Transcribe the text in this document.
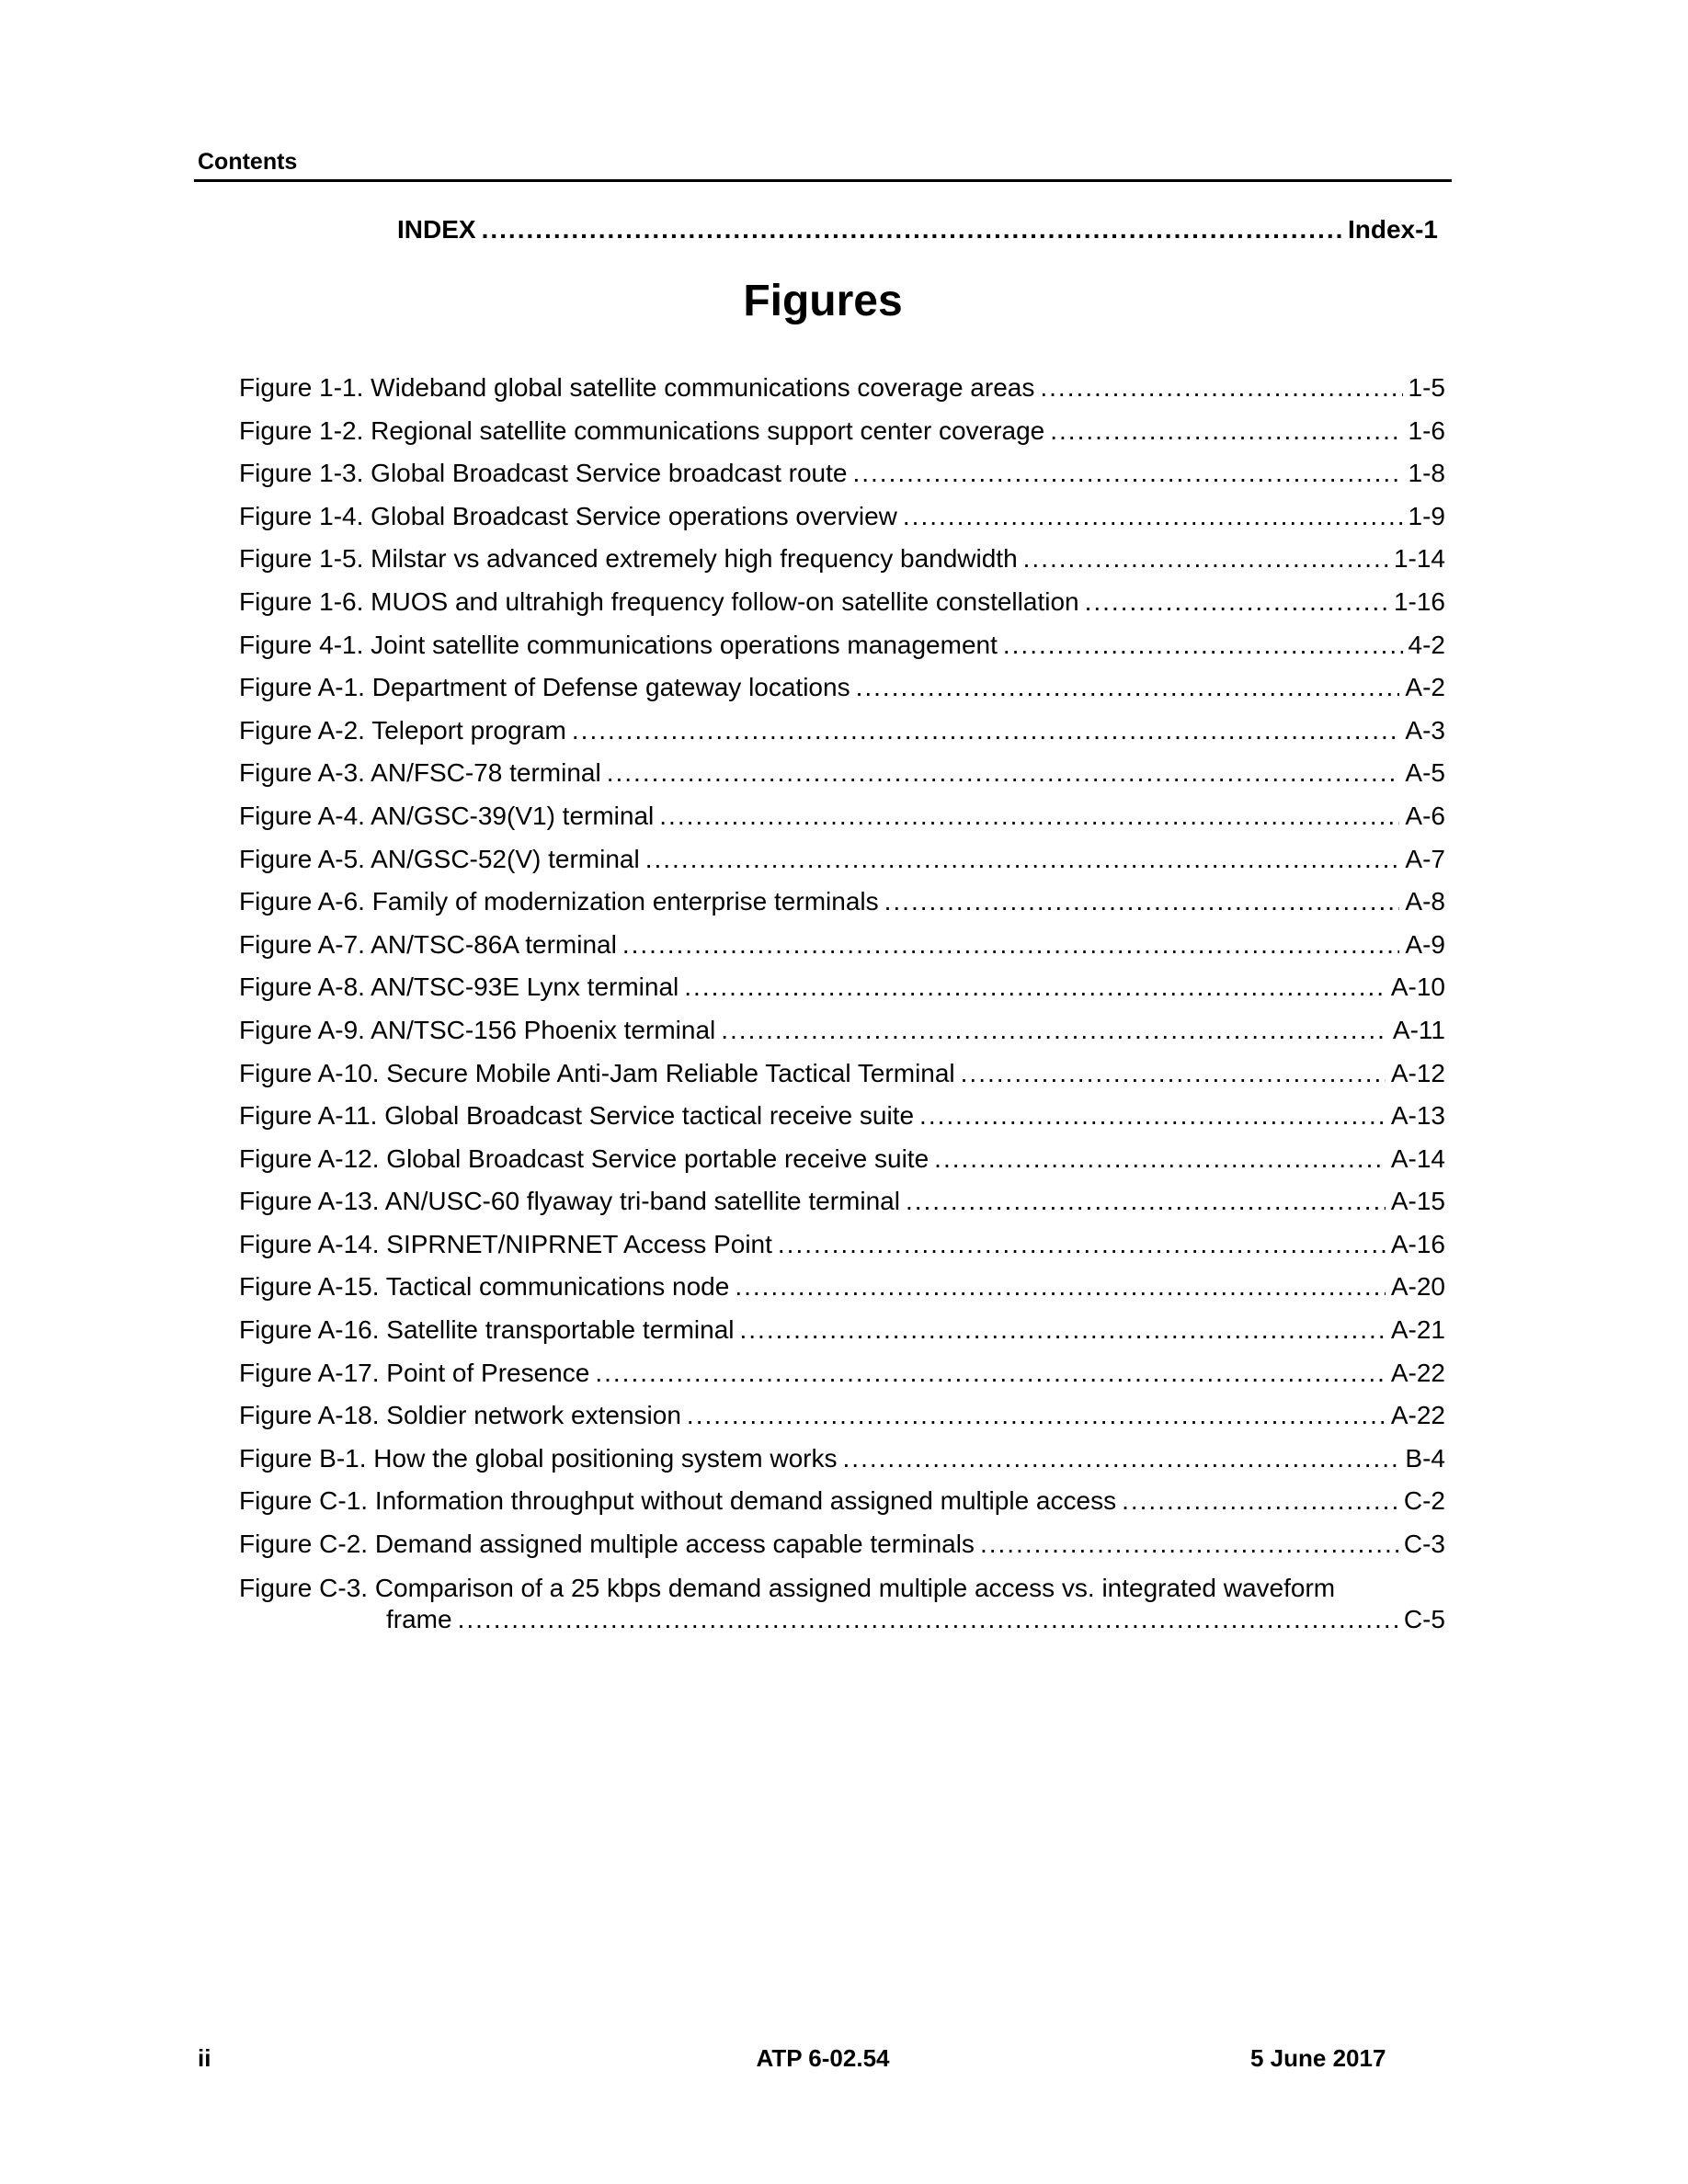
Contents
INDEX .....	Index-1
Figures
Figure 1-1. Wideband global satellite communications coverage areas .....	1-5
Figure 1-2. Regional satellite communications support center coverage .....	1-6
Figure 1-3. Global Broadcast Service broadcast route .....	1-8
Figure 1-4. Global Broadcast Service operations overview .....	1-9
Figure 1-5. Milstar vs advanced extremely high frequency bandwidth .....	1-14
Figure 1-6. MUOS and ultrahigh frequency follow-on satellite constellation .....	1-16
Figure 4-1. Joint satellite communications operations management .....	4-2
Figure A-1. Department of Defense gateway locations .....	A-2
Figure A-2. Teleport program .....	A-3
Figure A-3. AN/FSC-78 terminal .....	A-5
Figure A-4. AN/GSC-39(V1) terminal .....	A-6
Figure A-5. AN/GSC-52(V) terminal .....	A-7
Figure A-6. Family of modernization enterprise terminals .....	A-8
Figure A-7. AN/TSC-86A terminal .....	A-9
Figure A-8. AN/TSC-93E Lynx terminal .....	A-10
Figure A-9. AN/TSC-156 Phoenix terminal .....	A-11
Figure A-10. Secure Mobile Anti-Jam Reliable Tactical Terminal .....	A-12
Figure A-11. Global Broadcast Service tactical receive suite .....	A-13
Figure A-12. Global Broadcast Service portable receive suite .....	A-14
Figure A-13. AN/USC-60 flyaway tri-band satellite terminal .....	A-15
Figure A-14. SIPRNET/NIPRNET Access Point .....	A-16
Figure A-15. Tactical communications node .....	A-20
Figure A-16. Satellite transportable terminal .....	A-21
Figure A-17. Point of Presence .....	A-22
Figure A-18. Soldier network extension .....	A-22
Figure B-1. How the global positioning system works .....	B-4
Figure C-1. Information throughput without demand assigned multiple access .....	C-2
Figure C-2. Demand assigned multiple access capable terminals .....	C-3
Figure C-3. Comparison of a 25 kbps demand assigned multiple access vs. integrated waveform
frame .....	C-5
ii	ATP 6-02.54	5 June 2017
